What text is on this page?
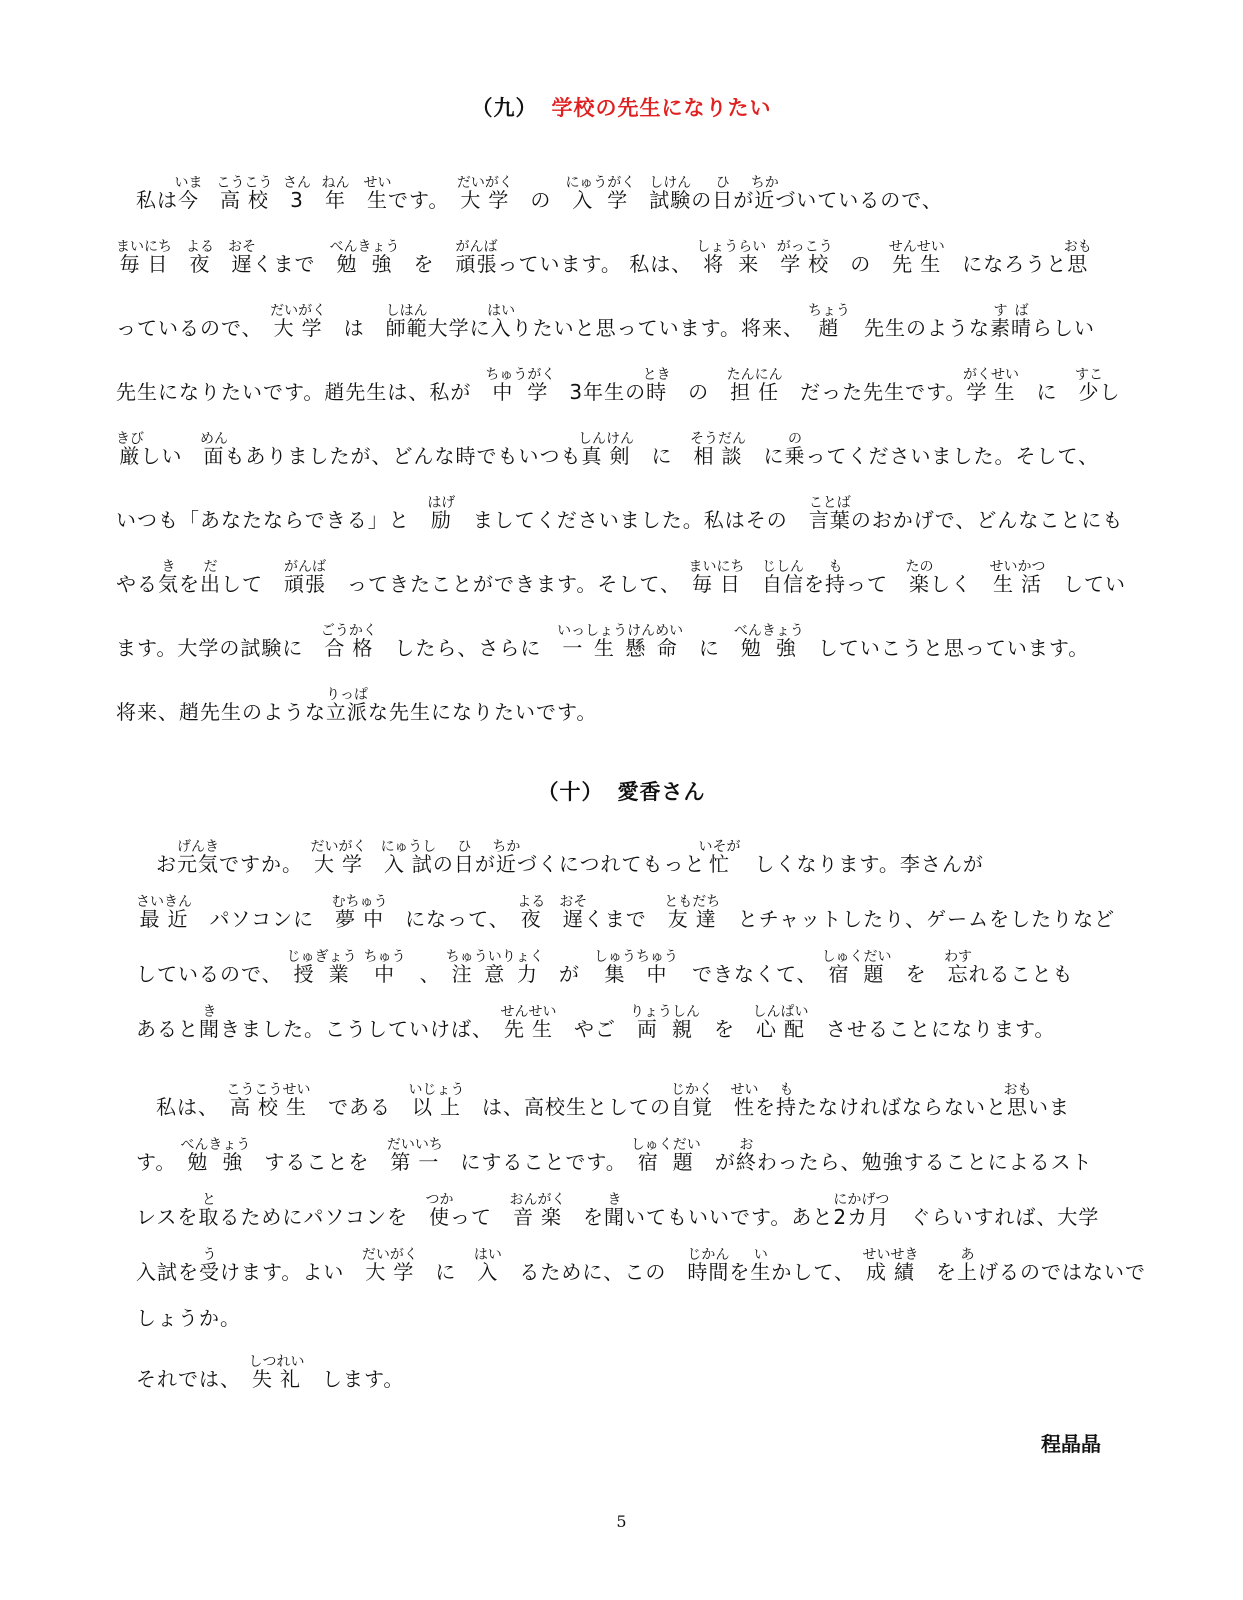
（九） 学校の先生になりたい
私は今いま　高校こうこう　3さん　年ねん　生せいです。　 大学だいがく　の　 入学にゅうがく　試験しけんの日ひが近ちかづいているので、
毎日まいにち　夜よる　遅おそくまで　 勉強べんきょう　を　 頑張がんばっています。 私は、　 将来しょうらい　学校がっこう　の　 先生せんせい　になろうと思おも
っているので、　 大学だいがく　は　 師範しはん大学に入はいりたいと思っています。将来、　 趙ちょう　先生のような素晴すばらしい
先生になりたいです。趙先生は、私が　 中学ちゅうがく　3年生の時とき　の　 担任たんにん　だった先生です。学生がくせい　に　 少すこし
厳きびしい　 面めんもありましたが、どんな時でもいつも真剣しんけん　に　 相談そうだん　に乗のってくださいました。そして、
いつも「あなたならできる」と　 励はげ　ましてくださいました。私はその　 言葉ことばのおかげで、どんなことにも
やる気きを出だして　 頑張がんば　ってきたことができます。そして、　 毎日まいにち　自信じしんを持もって　 楽たのしく　 生活せいかつ　してい
ます。大学の試験に　 合格ごうかく　したら、さらに　 一生懸命いっしょうけんめい　に　 勉強べんきょう　していこうと思っています。
将来、趙先生のような立派りっぱな先生になりたいです。
（十） 愛香さん
お元気げんきですか。　 大学だいがく　入試にゅうしの日ひが近ちかづくにつれてもっと忙いそが　しくなります。李さんが
最近さいきん　パソコンに　 夢中むちゅう　になって、　 夜よる　遅おそくまで　 友達ともだち　とチャットしたり、ゲームをしたりなど
しているので、　 授業じゅぎょう　中ちゅう　、　 注意力ちゅういりょく　が　 集中しゅうちゅう　できなくて、　 宿題しゅくだい　を　 忘わすれることも
あると聞ききました。こうしていけば、　 先生せんせい　やご　 両親りょうしん　を　 心配しんぱい　させることになります。
私は、　 高校生こうこうせい　である　 以上いじょう　は、高校生としての自覚じかく　性せいを持もたなければならないと思おもいま
す。　 勉強べんきょう　することを　 第一だいいち　にすることです。　 宿題しゅくだい　が終おわったら、勉強することによるスト
レスを取とるためにパソコンを　 使つかって　 音楽おんがく　を聞きいてもいいです。あと2カ月にかげつ　ぐらいすれば、大学
入試を受うけます。よい　 大学だいがく　に　 入はい　るために、この　 時間じかんを生いかして、　 成績せいせき　を上あげるのではないで
しょうか。
それでは、　 失礼しつれい　します。
程晶晶
5
